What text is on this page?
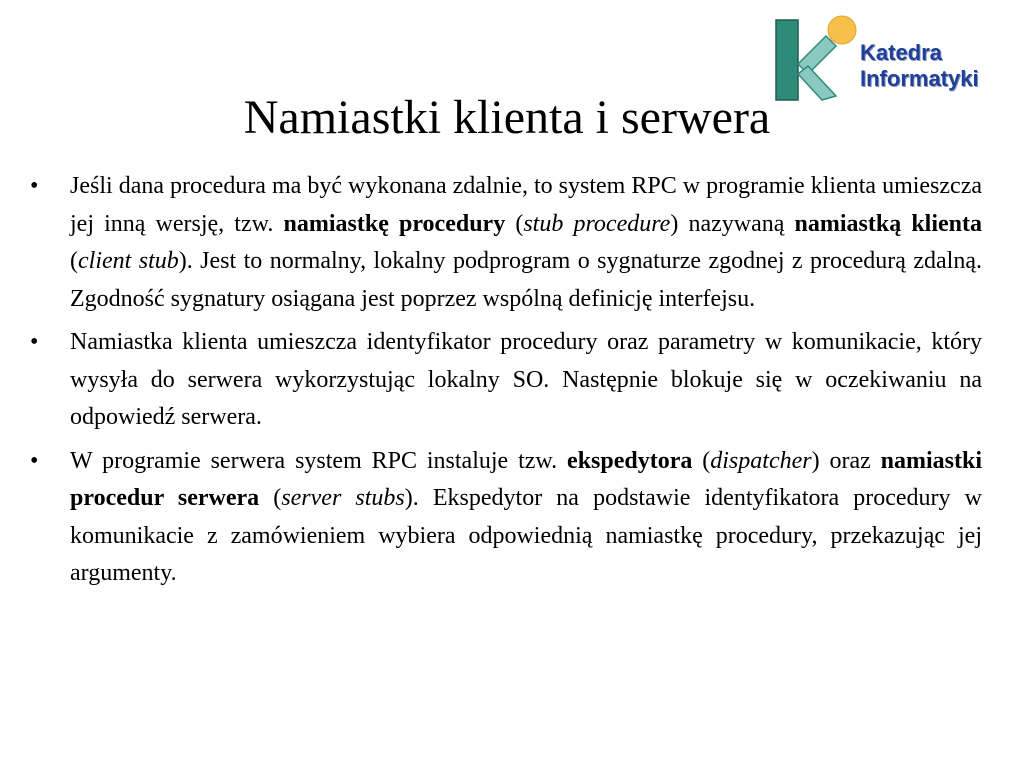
Katedra
Informatyki
Namiastki klienta i serwera
•	Jeśli dana procedura ma być wykonana zdalnie, to system RPC w programie klienta umieszcza jej inną wersję, tzw. namiastkę procedury (stub procedure) nazywaną namiastką klienta (client stub). Jest to normalny, lokalny podprogram o sygnaturze zgodnej z procedurą zdalną. Zgodność sygnatury osiągana jest poprzez wspólną definicję interfejsu.
•	Namiastka klienta umieszcza identyfikator procedury oraz parametry w komunikacie, który wysyła do serwera wykorzystując lokalny SO. Następnie blokuje się w oczekiwaniu na odpowiedź serwera.
•	W programie serwera system RPC instaluje tzw. ekspedytora (dispatcher) oraz namiastki procedur serwera (server stubs). Ekspedytor na podstawie identyfikatora procedury w komunikacie z zamówieniem wybiera odpowiednią namiastkę procedury, przekazując jej argumenty.
